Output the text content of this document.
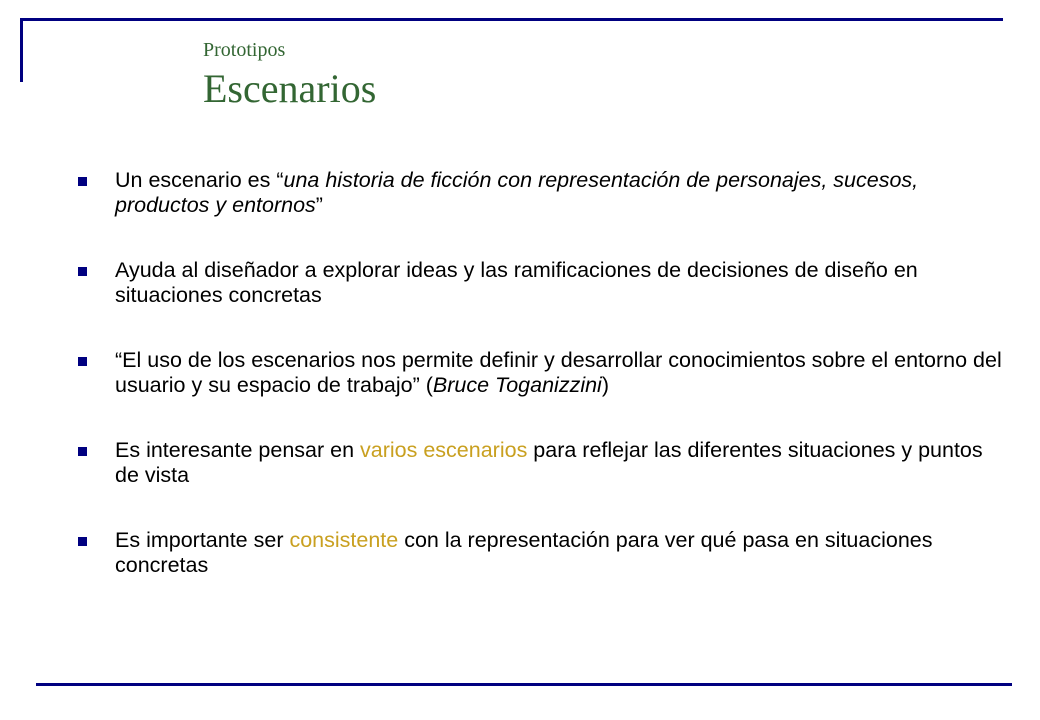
Prototipos
Escenarios
Un escenario es “una historia de ficción con representación de personajes, sucesos, productos y entornos”
Ayuda al diseñador a explorar ideas y las ramificaciones de decisiones de diseño en situaciones concretas
“El uso de los escenarios nos permite definir y desarrollar conocimientos sobre el entorno del usuario y su espacio de trabajo” (Bruce Toganizzini)
Es interesante pensar en varios escenarios para reflejar las diferentes situaciones y puntos de vista
Es importante ser consistente con la representación para ver qué pasa en situaciones concretas
